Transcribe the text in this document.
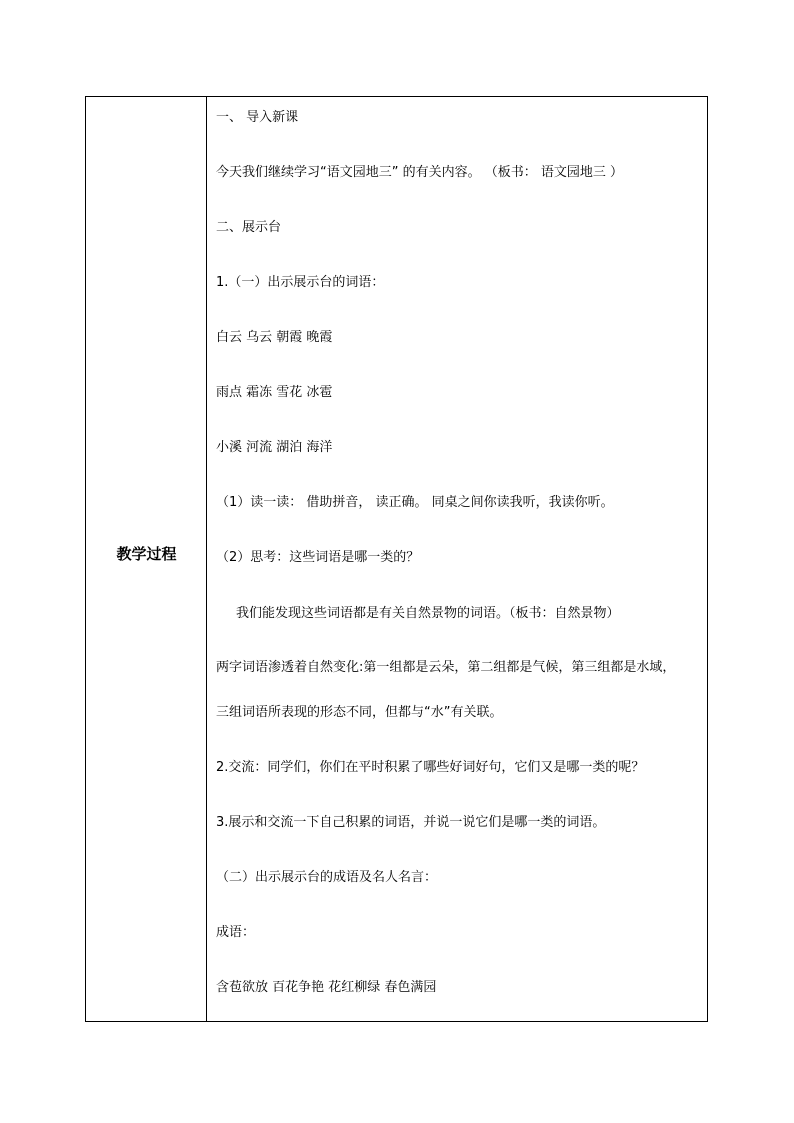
教学过程
一、 导入新课
今天我们继续学习“语文园地三” 的有关内容。 （板书： 语文园地三 ）
二、展示台
1.（一）出示展示台的词语：
白云 乌云 朝霞 晚霞
雨点 霜冻 雪花 冰雹
小溪 河流 湖泊 海洋
（1）读一读： 借助拼音， 读正确。 同桌之间你读我听，我读你听。
（2）思考：这些词语是哪一类的？
我们能发现这些词语都是有关自然景物的词语。（板书：自然景物）
两字词语渗透着自然变化:第一组都是云朵，第二组都是气候，第三组都是水域，
三组词语所表现的形态不同，但都与“水”有关联。
2.交流：同学们，你们在平时积累了哪些好词好句，它们又是哪一类的呢？
3.展示和交流一下自己积累的词语，并说一说它们是哪一类的词语。
（二）出示展示台的成语及名人名言：
成语：
含苞欲放 百花争艳 花红柳绿 春色满园
